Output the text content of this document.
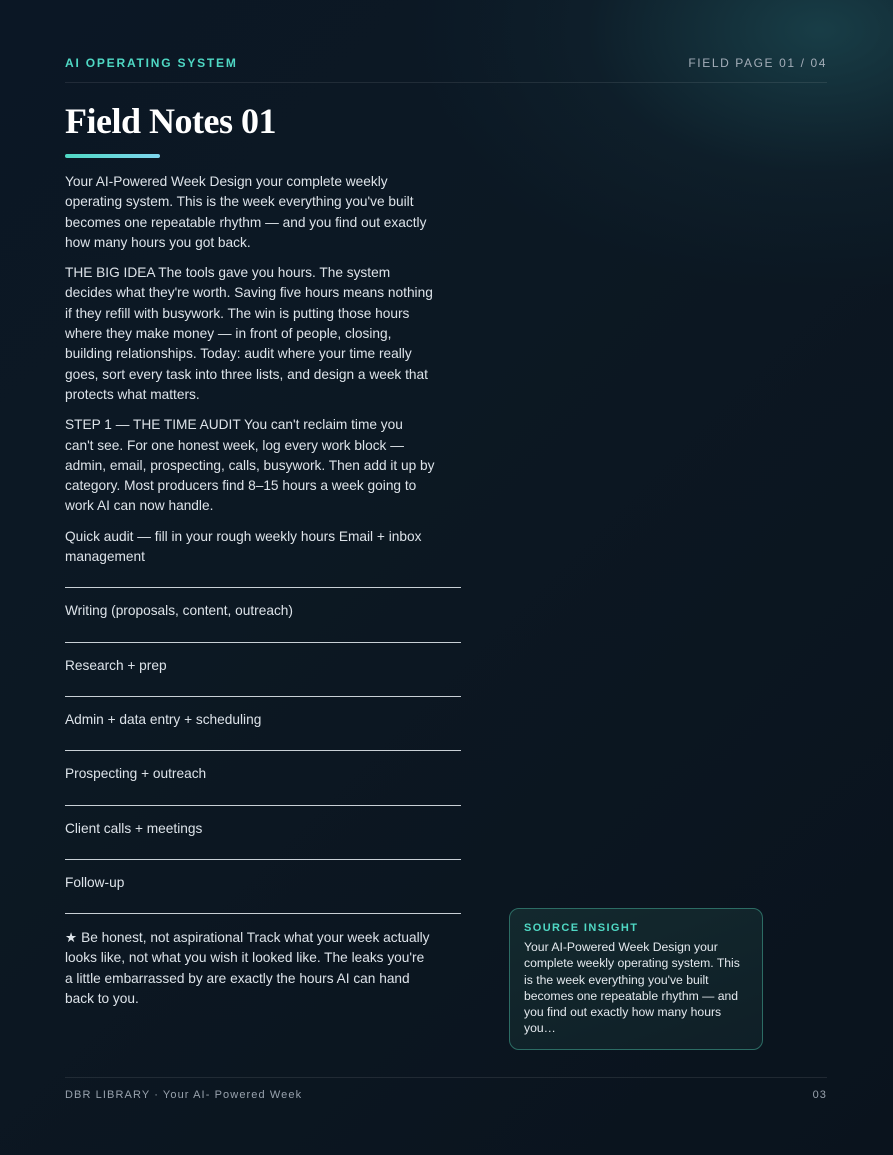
AI OPERATING SYSTEM	FIELD PAGE 01 / 04
Field Notes 01

Your AI-Powered Week Design your complete weekly operating system. This is the week everything you've built becomes one repeatable rhythm — and you find out exactly how many hours you got back.

THE BIG IDEA The tools gave you hours. The system decides what they're worth. Saving five hours means nothing if they refill with busywork. The win is putting those hours where they make money — in front of people, closing, building relationships. Today: audit where your time really goes, sort every task into three lists, and design a week that protects what matters.

STEP 1 — THE TIME AUDIT You can't reclaim time you can't see. For one honest week, log every work block — admin, email, prospecting, calls, busywork. Then add it up by category. Most producers find 8–15 hours a week going to work AI can now handle.

Quick audit — fill in your rough weekly hours Email + inbox management

Writing (proposals, content, outreach)
Research + prep
Admin + data entry + scheduling
Prospecting + outreach
Client calls + meetings
Follow-up

★ Be honest, not aspirational Track what your week actually looks like, not what you wish it looked like. The leaks you're a little embarrassed by are exactly the hours AI can hand back to you.

SOURCE INSIGHT
Your AI-Powered Week Design your complete weekly operating system. This is the week everything you've built becomes one repeatable rhythm — and you find out exactly how many hours you…
DBR LIBRARY · Your AI- Powered Week	03
